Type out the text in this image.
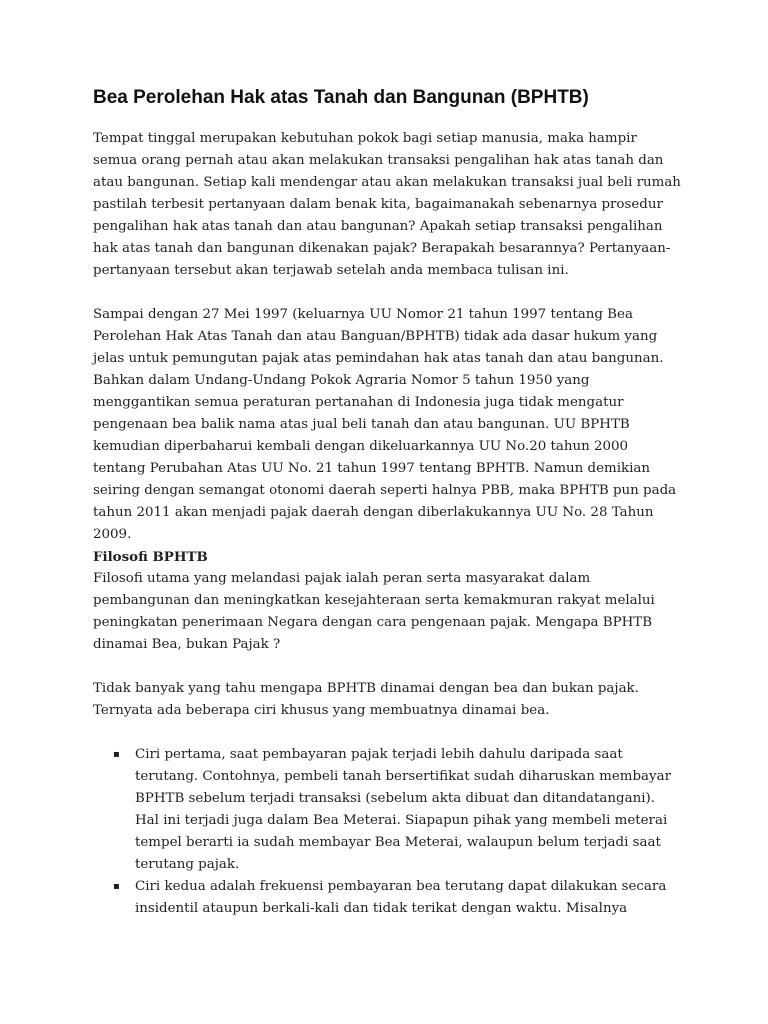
Bea Perolehan Hak atas Tanah dan Bangunan (BPHTB)

Tempat tinggal merupakan kebutuhan pokok bagi setiap manusia, maka hampir semua orang pernah atau akan melakukan transaksi pengalihan hak atas tanah dan atau bangunan. Setiap kali mendengar atau akan melakukan transaksi jual beli rumah pastilah terbesit pertanyaan dalam benak kita, bagaimanakah sebenarnya prosedur pengalihan hak atas tanah dan atau bangunan? Apakah setiap transaksi pengalihan hak atas tanah dan bangunan dikenakan pajak? Berapakah besarannya? Pertanyaan-pertanyaan tersebut akan terjawab setelah anda membaca tulisan ini.

Sampai dengan 27 Mei 1997 (keluarnya UU Nomor 21 tahun 1997 tentang Bea Perolehan Hak Atas Tanah dan atau Banguan/BPHTB) tidak ada dasar hukum yang jelas untuk pemungutan pajak atas pemindahan hak atas tanah dan atau bangunan. Bahkan dalam Undang-Undang Pokok Agraria Nomor 5 tahun 1950 yang menggantikan semua peraturan pertanahan di Indonesia juga tidak mengatur pengenaan bea balik nama atas jual beli tanah dan atau bangunan. UU BPHTB kemudian diperbaharui kembali dengan dikeluarkannya UU No.20 tahun 2000 tentang Perubahan Atas UU No. 21 tahun 1997 tentang BPHTB. Namun demikian seiring dengan semangat otonomi daerah seperti halnya PBB, maka BPHTB pun pada tahun 2011 akan menjadi pajak daerah dengan diberlakukannya UU No. 28 Tahun 2009.

Filosofi BPHTB

Filosofi utama yang melandasi pajak ialah peran serta masyarakat dalam pembangunan dan meningkatkan kesejahteraan serta kemakmuran rakyat melalui peningkatan penerimaan Negara dengan cara pengenaan pajak. Mengapa BPHTB dinamai Bea, bukan Pajak ?

Tidak banyak yang tahu mengapa BPHTB dinamai dengan bea dan bukan pajak. Ternyata ada beberapa ciri khusus yang membuatnya dinamai bea.

▪ Ciri pertama, saat pembayaran pajak terjadi lebih dahulu daripada saat terutang. Contohnya, pembeli tanah bersertifikat sudah diharuskan membayar BPHTB sebelum terjadi transaksi (sebelum akta dibuat dan ditandatangani). Hal ini terjadi juga dalam Bea Meterai. Siapapun pihak yang membeli meterai tempel berarti ia sudah membayar Bea Meterai, walaupun belum terjadi saat terutang pajak.
▪ Ciri kedua adalah frekuensi pembayaran bea terutang dapat dilakukan secara insidentil ataupun berkali-kali dan tidak terikat dengan waktu. Misalnya
